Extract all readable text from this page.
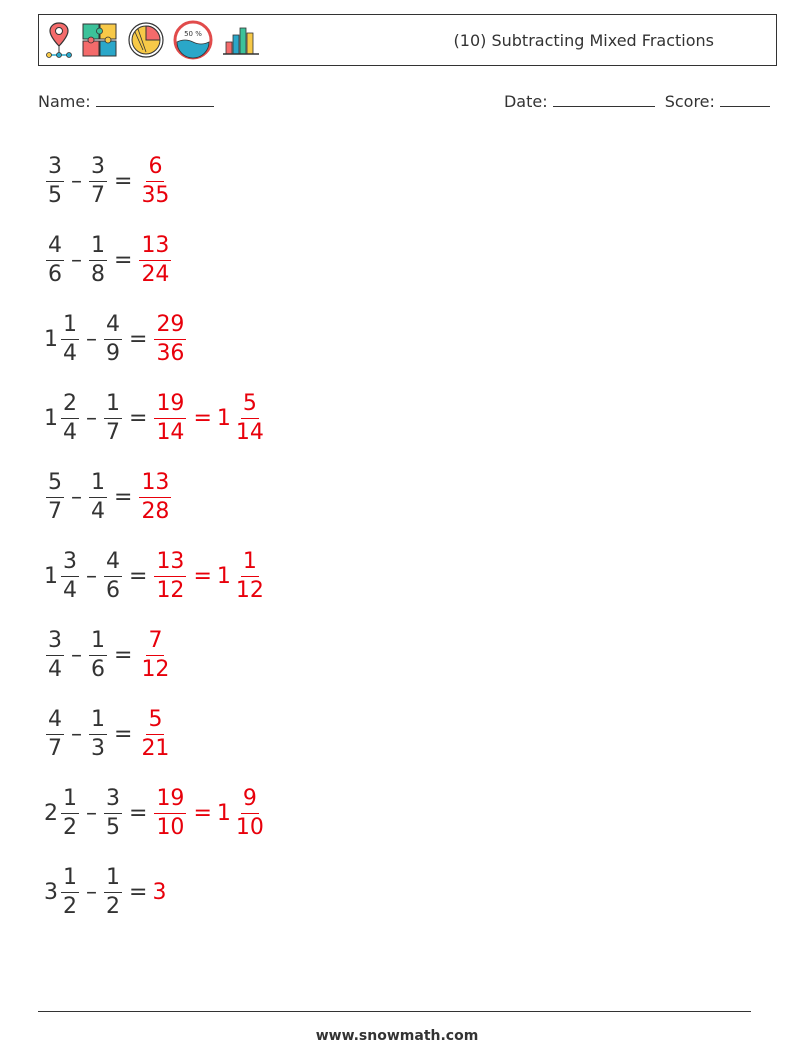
50 %	(10) Subtracting Mixed Fractions
Name:	Date:	Score:
$\frac{3}{5} - \frac{3}{7} = \frac{6}{35}$
$\frac{4}{6} - \frac{1}{8} = \frac{13}{24}$
$1 \frac{1}{4} - \frac{4}{9} = \frac{29}{36}$
$1 \frac{2}{4} - \frac{1}{7} = \frac{19}{14} = 1 \frac{5}{14}$
$\frac{5}{7} - \frac{1}{4} = \frac{13}{28}$
$1 \frac{3}{4} - \frac{4}{6} = \frac{13}{12} = 1 \frac{1}{12}$
$\frac{3}{4} - \frac{1}{6} = \frac{7}{12}$
$\frac{4}{7} - \frac{1}{3} = \frac{5}{21}$
$2 \frac{1}{2} - \frac{3}{5} = \frac{19}{10} = 1 \frac{9}{10}$
$3 \frac{1}{2} - \frac{1}{2} = 3$
www.snowmath.com
